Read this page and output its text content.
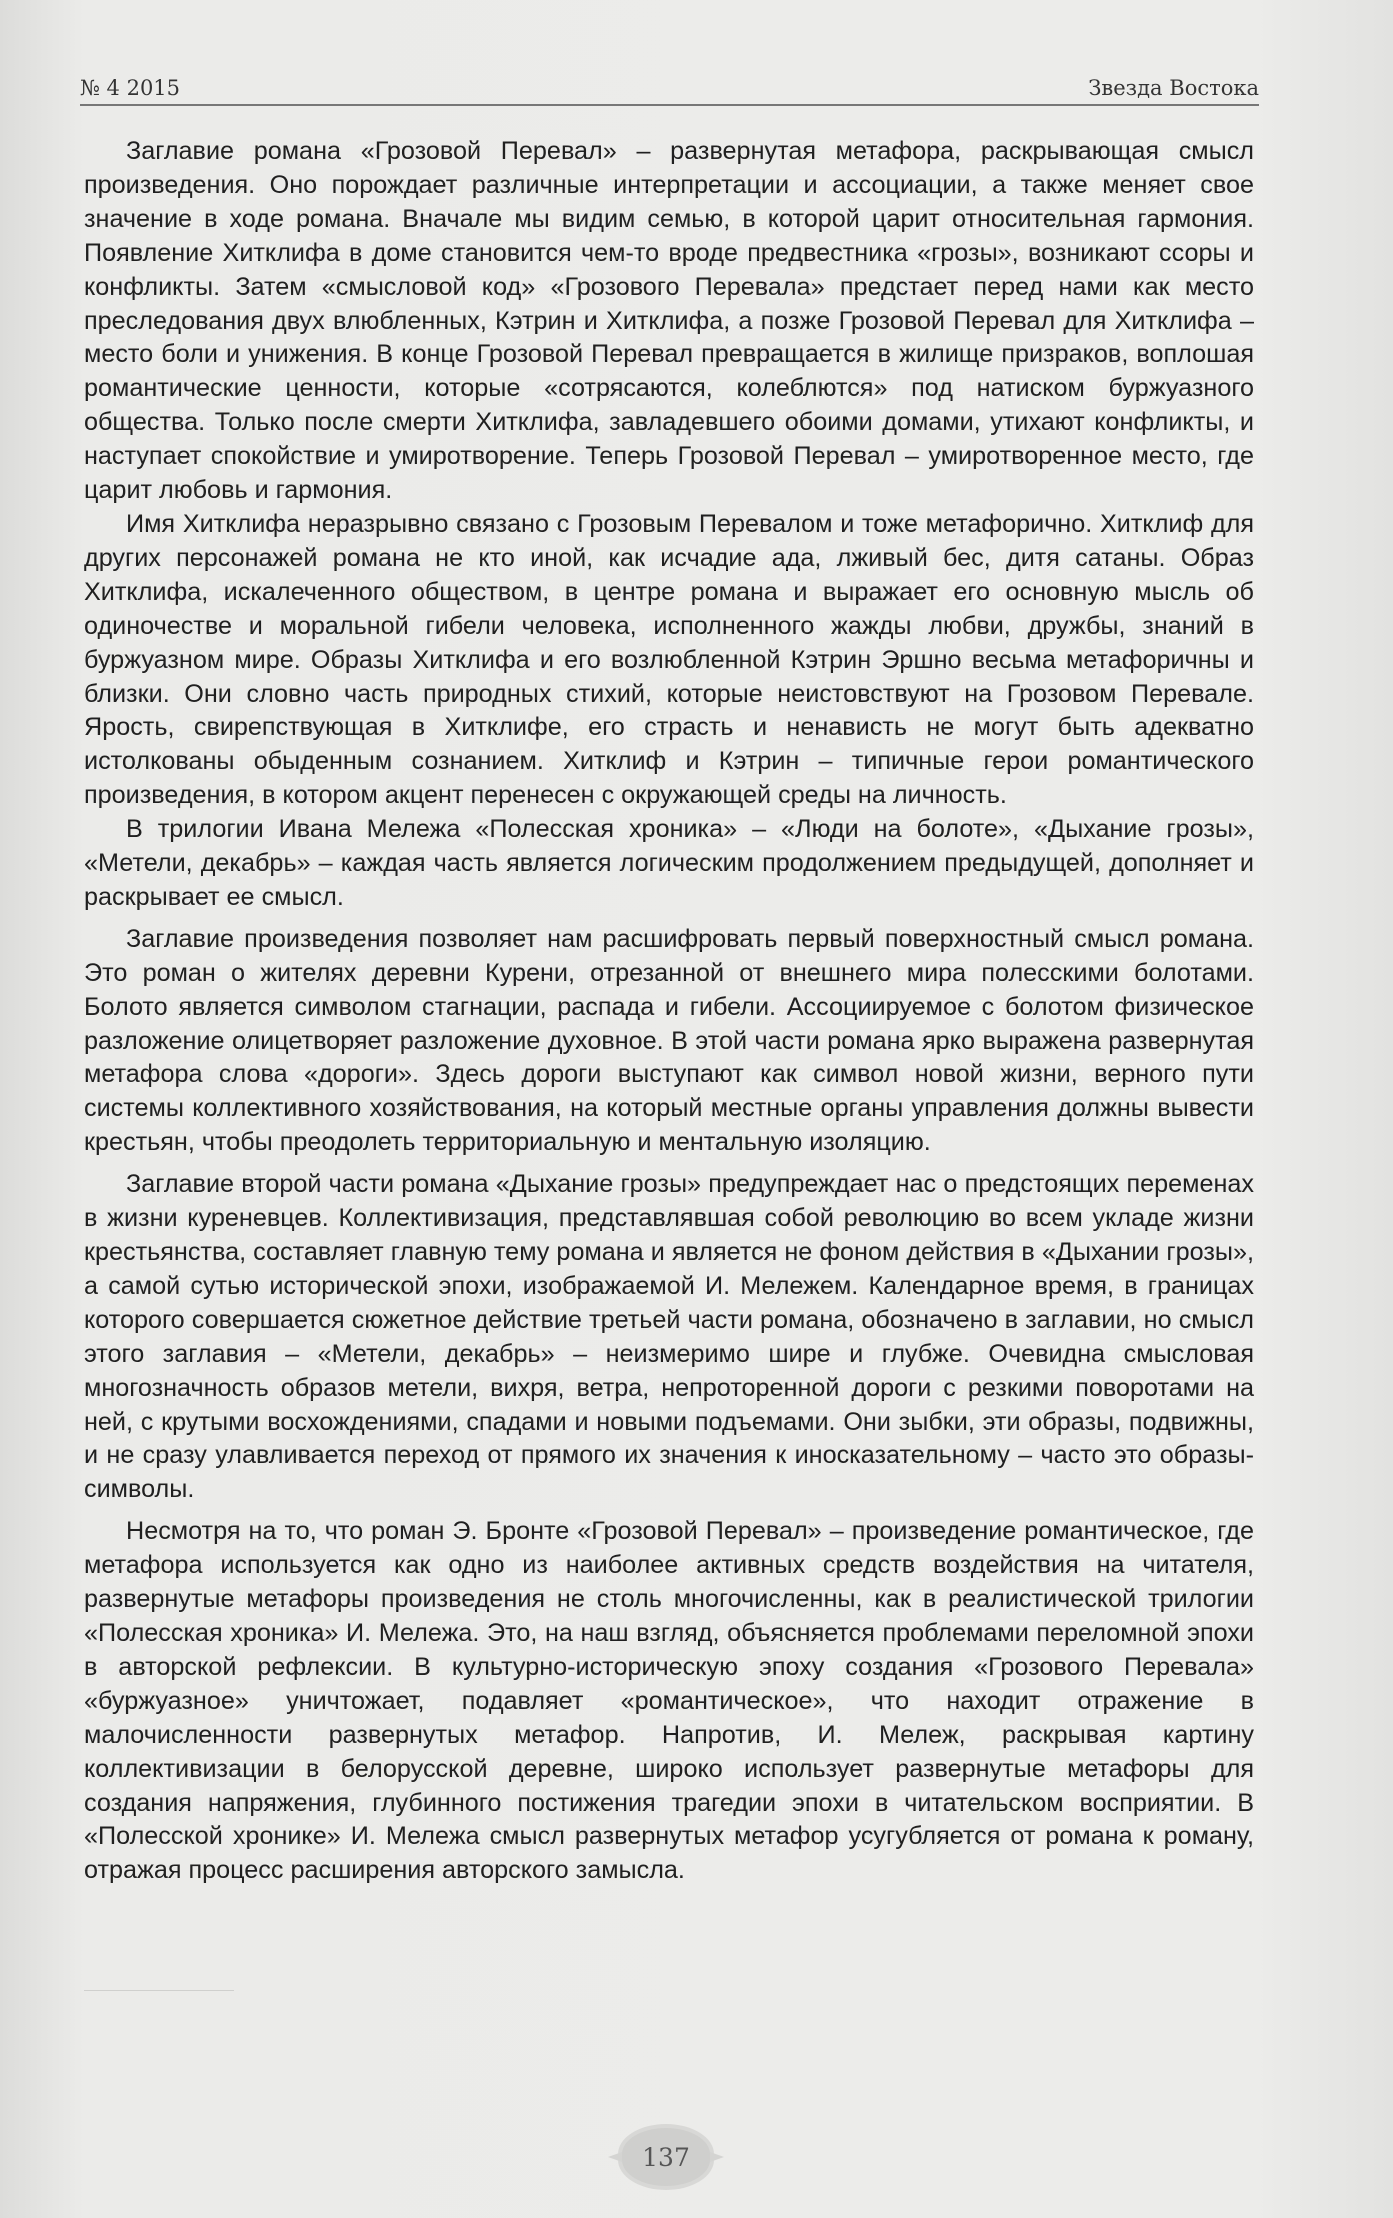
№ 4 2015	Звезда Востока

Заглавие романа «Грозовой Перевал» – развернутая метафора, раскрывающая смысл произведения. Оно порождает различные интерпретации и ассоциации, а также меняет свое значение в ходе романа. Вначале мы видим семью, в которой царит относительная гармония. Появление Хитклифа в доме становится чем-то вроде предвестника «грозы», возникают ссоры и конфликты. Затем «смысловой код» «Грозового Перевала» предстает перед нами как место преследования двух влюбленных, Кэтрин и Хитклифа, а позже Грозовой Перевал для Хитклифа – место боли и унижения. В конце Грозовой Перевал превращается в жилище призраков, воплошая романтические ценности, которые «сотрясаются, колеблются» под натиском буржуазного общества. Только после смерти Хитклифа, завладевшего обоими домами, утихают конфликты, и наступает спокойствие и умиротворение. Теперь Грозовой Перевал – умиротворенное место, где царит любовь и гармония.

Имя Хитклифа неразрывно связано с Грозовым Перевалом и тоже метафорично. Хитклиф для других персонажей романа не кто иной, как исчадие ада, лживый бес, дитя сатаны. Образ Хитклифа, искалеченного обществом, в центре романа и выражает его основную мысль об одиночестве и моральной гибели человека, исполненного жажды любви, дружбы, знаний в буржуазном мире. Образы Хитклифа и его возлюбленной Кэтрин Эршно весьма метафоричны и близки. Они словно часть природных стихий, которые неистовствуют на Грозовом Перевале. Ярость, свирепствующая в Хитклифе, его страсть и ненависть не могут быть адекватно истолкованы обыденным сознанием. Хитклиф и Кэтрин – типичные герои романтического произведения, в котором акцент перенесен с окружающей среды на личность.

В трилогии Ивана Мележа «Полесская хроника» – «Люди на болоте», «Дыхание грозы», «Метели, декабрь» – каждая часть является логическим продолжением предыдущей, дополняет и раскрывает ее смысл.

Заглавие произведения позволяет нам расшифровать первый поверхностный смысл романа. Это роман о жителях деревни Курени, отрезанной от внешнего мира полесскими болотами. Болото является символом стагнации, распада и гибели. Ассоциируемое с болотом физическое разложение олицетворяет разложение духовное. В этой части романа ярко выражена развернутая метафора слова «дороги». Здесь дороги выступают как символ новой жизни, верного пути системы коллективного хозяйствования, на который местные органы управления должны вывести крестьян, чтобы преодолеть территориальную и ментальную изоляцию.

Заглавие второй части романа «Дыхание грозы» предупреждает нас о предстоящих переменах в жизни куреневцев. Коллективизация, представлявшая собой революцию во всем укладе жизни крестьянства, составляет главную тему романа и является не фоном действия в «Дыхании грозы», а самой сутью исторической эпохи, изображаемой И. Мележем. Календарное время, в границах которого совершается сюжетное действие третьей части романа, обозначено в заглавии, но смысл этого заглавия – «Метели, декабрь» – неизмеримо шире и глубже. Очевидна смысловая многозначность образов метели, вихря, ветра, непроторенной дороги с резкими поворотами на ней, с крутыми восхождениями, спадами и новыми подъемами. Они зыбки, эти образы, подвижны, и не сразу улавливается переход от прямого их значения к иносказательному – часто это образы-символы.

Несмотря на то, что роман Э. Бронте «Грозовой Перевал» – произведение романтическое, где метафора используется как одно из наиболее активных средств воздействия на читателя, развернутые метафоры произведения не столь многочисленны, как в реалистической трилогии «Полесская хроника» И. Мележа. Это, на наш взгляд, объясняется проблемами переломной эпохи в авторской рефлексии. В культурно-историческую эпоху создания «Грозового Перевала» «буржуазное» уничтожает, подавляет «романтическое», что находит отражение в малочисленности развернутых метафор. Напротив, И. Мележ, раскрывая картину коллективизации в белорусской деревне, широко использует развернутые метафоры для создания напряжения, глубинного постижения трагедии эпохи в читательском восприятии. В «Полесской хронике» И. Мележа смысл развернутых метафор усугубляется от романа к роману, отражая процесс расширения авторского замысла.

137
